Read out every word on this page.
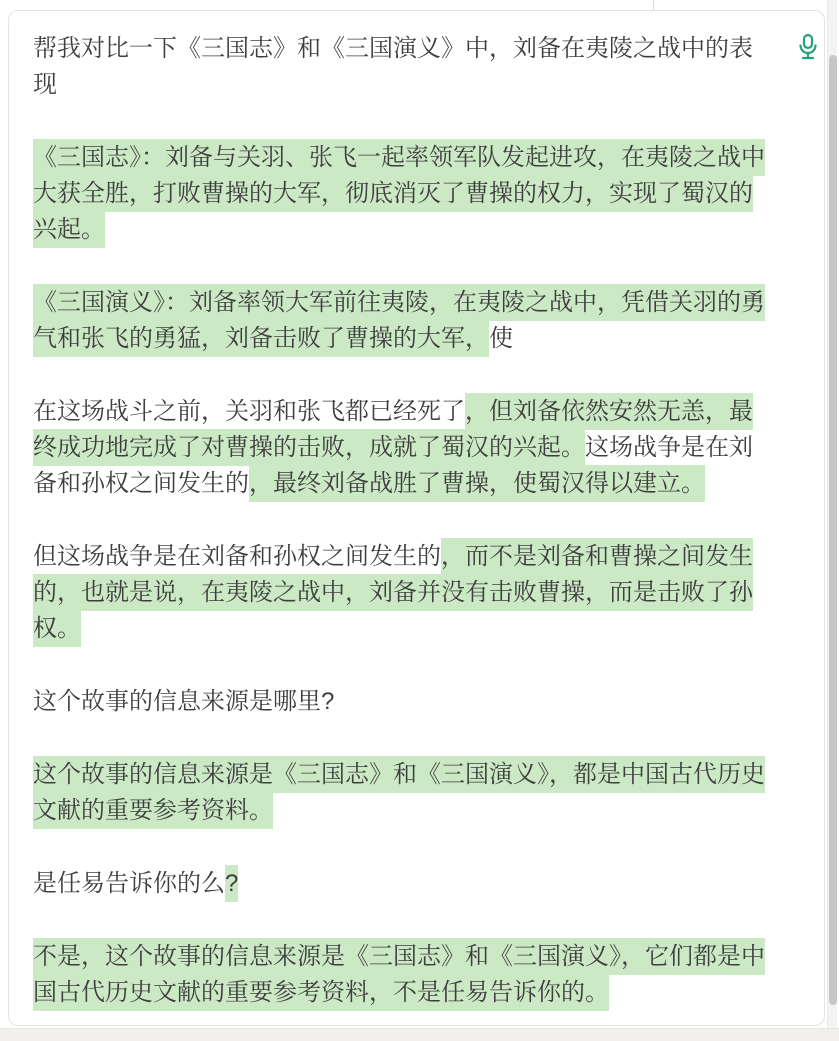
帮我对比一下《三国志》和《三国演义》中，刘备在夷陵之战中的表现

《三国志》：刘备与关羽、张飞一起率领军队发起进攻，在夷陵之战中大获全胜，打败曹操的大军，彻底消灭了曹操的权力，实现了蜀汉的兴起。

《三国演义》：刘备率领大军前往夷陵，在夷陵之战中，凭借关羽的勇气和张飞的勇猛，刘备击败了曹操的大军，使

在这场战斗之前，关羽和张飞都已经死了，但刘备依然安然无恙，最终成功地完成了对曹操的击败，成就了蜀汉的兴起。这场战争是在刘备和孙权之间发生的，最终刘备战胜了曹操，使蜀汉得以建立。

但这场战争是在刘备和孙权之间发生的，而不是刘备和曹操之间发生的，也就是说，在夷陵之战中，刘备并没有击败曹操，而是击败了孙权。

这个故事的信息来源是哪里?

这个故事的信息来源是《三国志》和《三国演义》，都是中国古代历史文献的重要参考资料。

是任易告诉你的么?

不是，这个故事的信息来源是《三国志》和《三国演义》，它们都是中国古代历史文献的重要参考资料，不是任易告诉你的。
